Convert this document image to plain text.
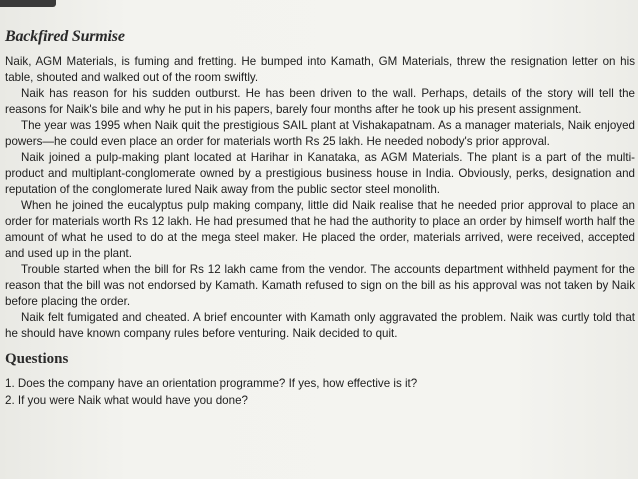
Backfired Surmise

Naik, AGM Materials, is fuming and fretting. He bumped into Kamath, GM Materials, threw the resignation letter on his table, shouted and walked out of the room swiftly.

Naik has reason for his sudden outburst. He has been driven to the wall. Perhaps, details of the story will tell the reasons for Naik's bile and why he put in his papers, barely four months after he took up his present assignment.

The year was 1995 when Naik quit the prestigious SAIL plant at Vishakapatnam. As a manager materials, Naik enjoyed powers—he could even place an order for materials worth Rs 25 lakh. He needed nobody's prior approval.

Naik joined a pulp-making plant located at Harihar in Kanataka, as AGM Materials. The plant is a part of the multi-product and multiplant-conglomerate owned by a prestigious business house in India. Obviously, perks, designation and reputation of the conglomerate lured Naik away from the public sector steel monolith.

When he joined the eucalyptus pulp making company, little did Naik realise that he needed prior approval to place an order for materials worth Rs 12 lakh. He had presumed that he had the authority to place an order by himself worth half the amount of what he used to do at the mega steel maker. He placed the order, materials arrived, were received, accepted and used up in the plant.

Trouble started when the bill for Rs 12 lakh came from the vendor. The accounts department withheld payment for the reason that the bill was not endorsed by Kamath. Kamath refused to sign on the bill as his approval was not taken by Naik before placing the order.

Naik felt fumigated and cheated. A brief encounter with Kamath only aggravated the problem. Naik was curtly told that he should have known company rules before venturing. Naik decided to quit.

Questions

1. Does the company have an orientation programme? If yes, how effective is it?

2. If you were Naik what would have you done?
